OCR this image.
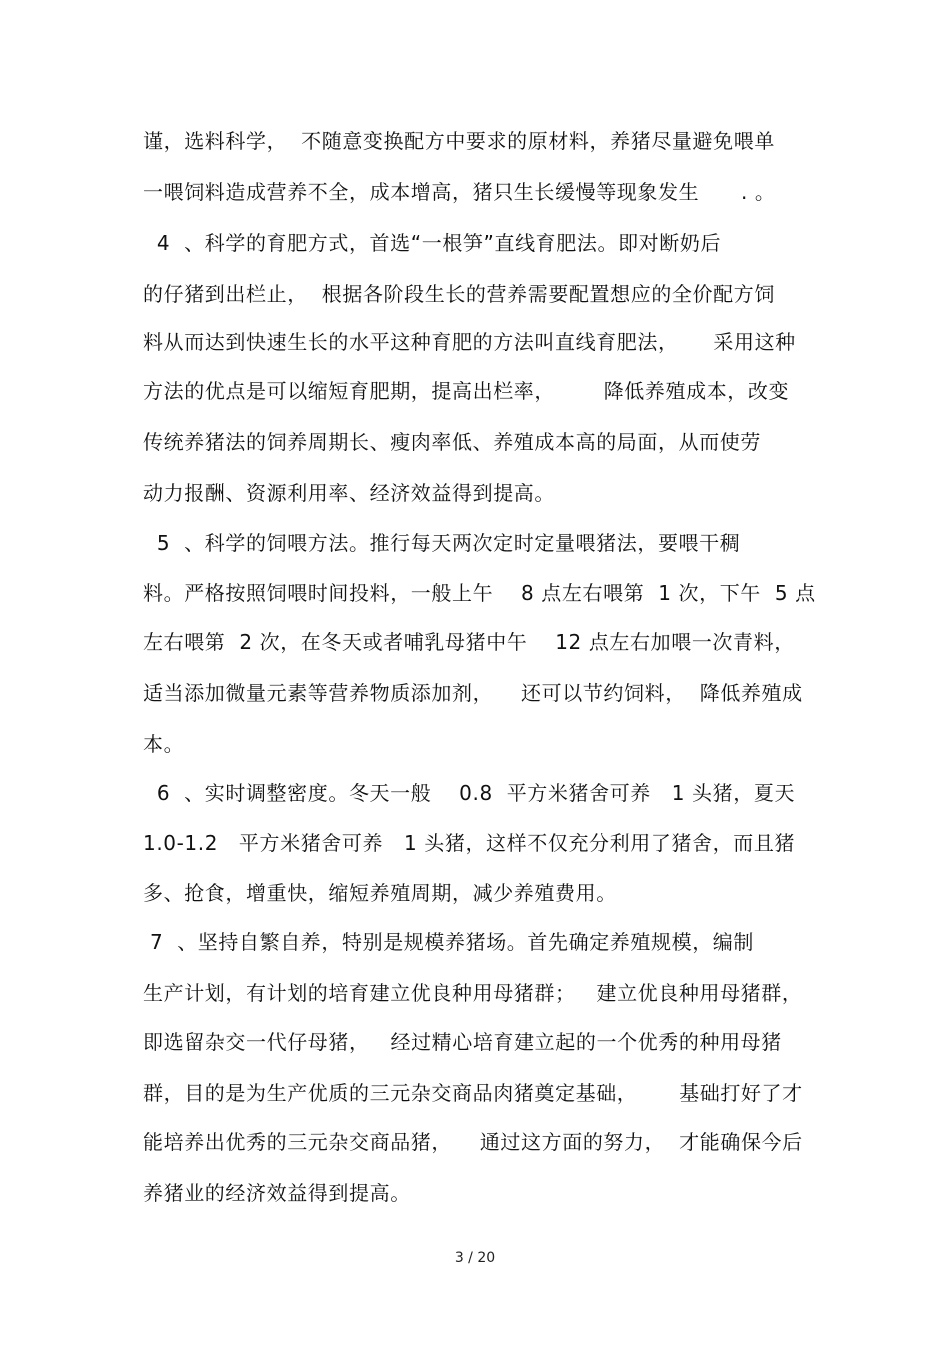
谨，选料科学，  不随意变换配方中要求的原材料，养猪尽量避免喂单
一喂饲料造成营养不全，成本增高，猪只生长缓慢等现象发生      . 。
4  、科学的育肥方式，首选“一根笋”直线育肥法。即对断奶后
的仔猪到出栏止，  根据各阶段生长的营养需要配置想应的全价配方饲
料从而达到快速生长的水平这种育肥的方法叫直线育肥法，     采用这种
方法的优点是可以缩短育肥期，提高出栏率，       降低养殖成本，改变
传统养猪法的饲养周期长、瘦肉率低、养殖成本高的局面，从而使劳
动力报酬、资源利用率、经济效益得到提高。
5  、科学的饲喂方法。推行每天两次定时定量喂猪法，要喂干稠
料。严格按照饲喂时间投料，一般上午    8 点左右喂第  1 次，下午  5 点
左右喂第  2 次，在冬天或者哺乳母猪中午    12 点左右加喂一次青料，
适当添加微量元素等营养物质添加剂，    还可以节约饲料，  降低养殖成
本。
6  、实时调整密度。冬天一般    0.8  平方米猪舍可养   1 头猪，夏天
1.0-1.2   平方米猪舍可养   1 头猪，这样不仅充分利用了猪舍，而且猪
多、抢食，增重快，缩短养殖周期，减少养殖费用。
7  、坚持自繁自养，特别是规模养猪场。首先确定养殖规模，编制
生产计划，有计划的培育建立优良种用母猪群；   建立优良种用母猪群，
即选留杂交一代仔母猪，   经过精心培育建立起的一个优秀的种用母猪
群，目的是为生产优质的三元杂交商品肉猪奠定基础，      基础打好了才
能培养出优秀的三元杂交商品猪，    通过这方面的努力，  才能确保今后
养猪业的经济效益得到提高。
3 / 20
